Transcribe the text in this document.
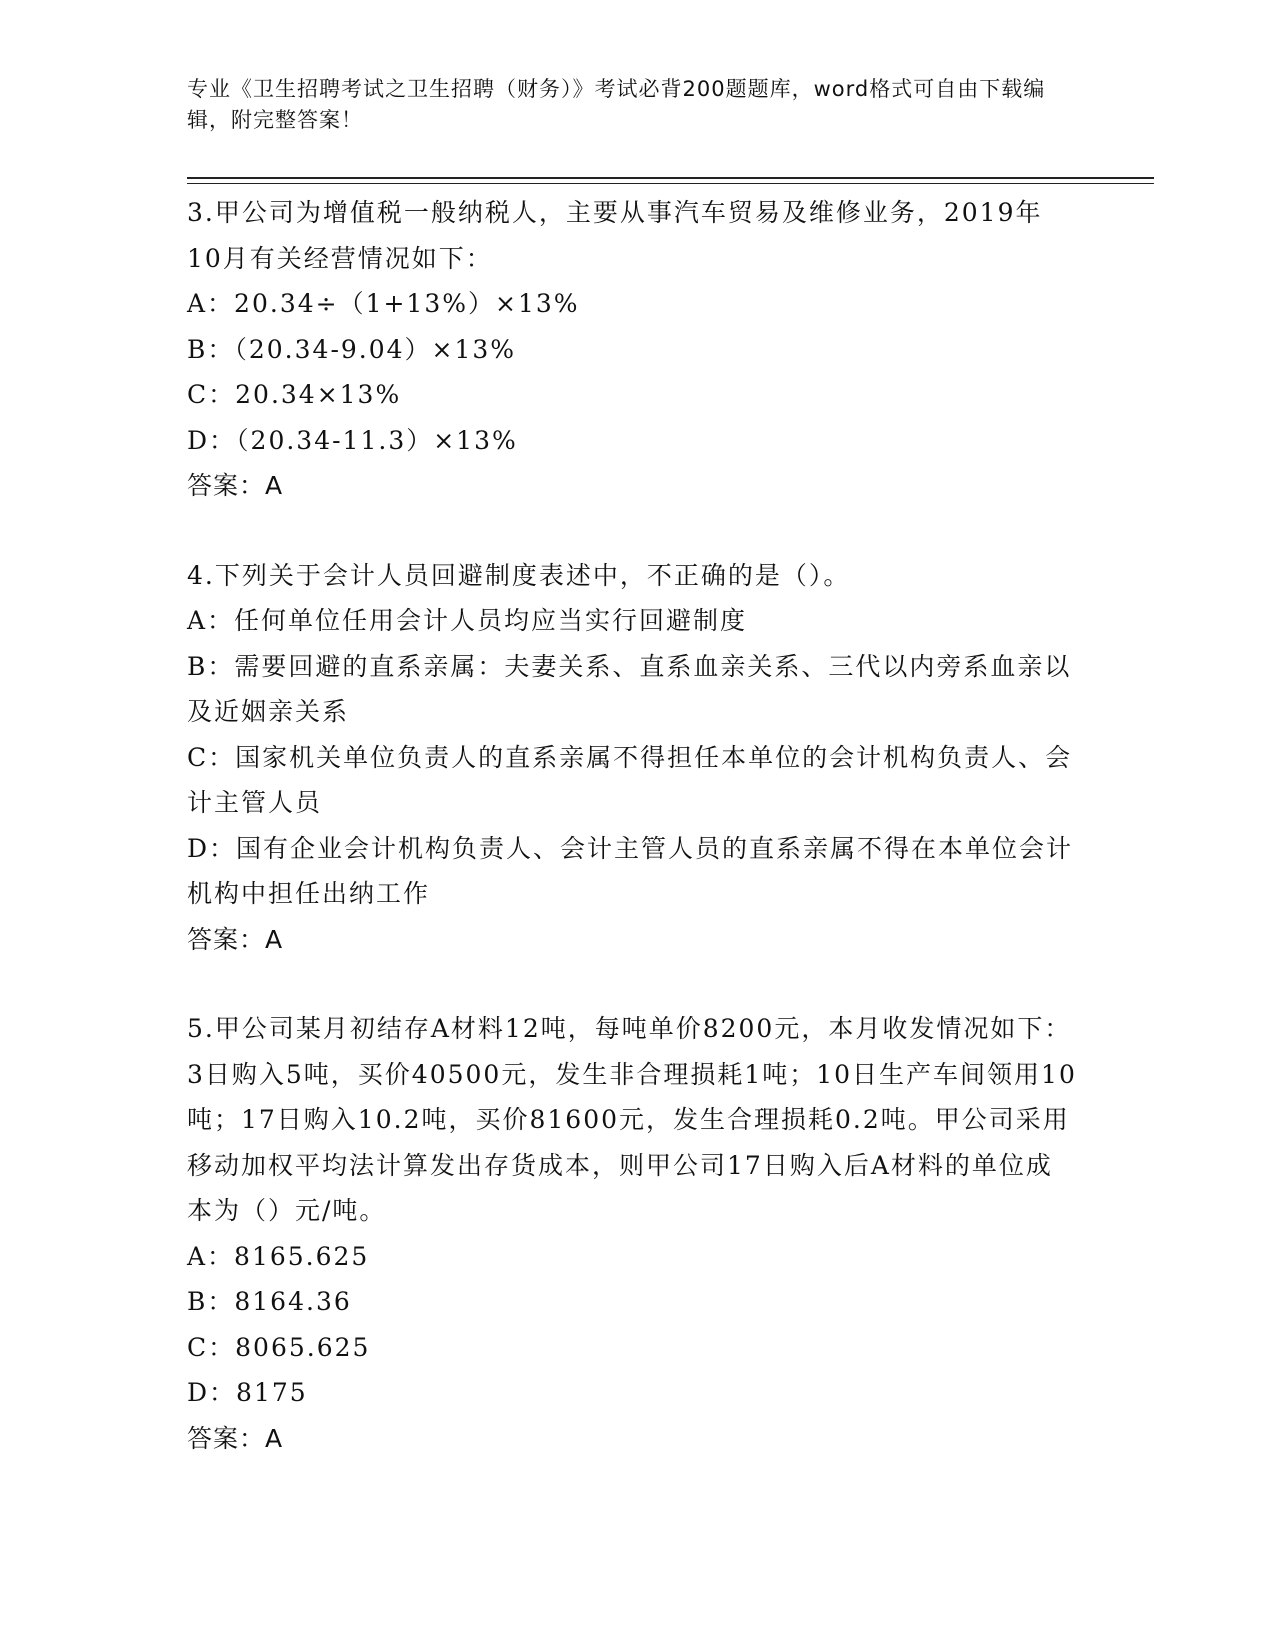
专业《卫生招聘考试之卫生招聘（财务）》考试必背200题题库，word格式可自由下载编辑，附完整答案！

3.甲公司为增值税一般纳税人，主要从事汽车贸易及维修业务，2019年10月有关经营情况如下：

A：20.34÷（1+13%）×13%

B：（20.34-9.04）×13%

C：20.34×13%

D：（20.34-11.3）×13%

答案：A

4.下列关于会计人员回避制度表述中，不正确的是（）。

A：任何单位任用会计人员均应当实行回避制度

B：需要回避的直系亲属：夫妻关系、直系血亲关系、三代以内旁系血亲以及近姻亲关系

C：国家机关单位负责人的直系亲属不得担任本单位的会计机构负责人、会计主管人员

D：国有企业会计机构负责人、会计主管人员的直系亲属不得在本单位会计机构中担任出纳工作

答案：A

5.甲公司某月初结存A材料12吨，每吨单价8200元，本月收发情况如下：3日购入5吨，买价40500元，发生非合理损耗1吨；10日生产车间领用10吨；17日购入10.2吨，买价81600元，发生合理损耗0.2吨。甲公司采用移动加权平均法计算发出存货成本，则甲公司17日购入后A材料的单位成本为（）元/吨。

A：8165.625

B：8164.36

C：8065.625

D：8175

答案：A
